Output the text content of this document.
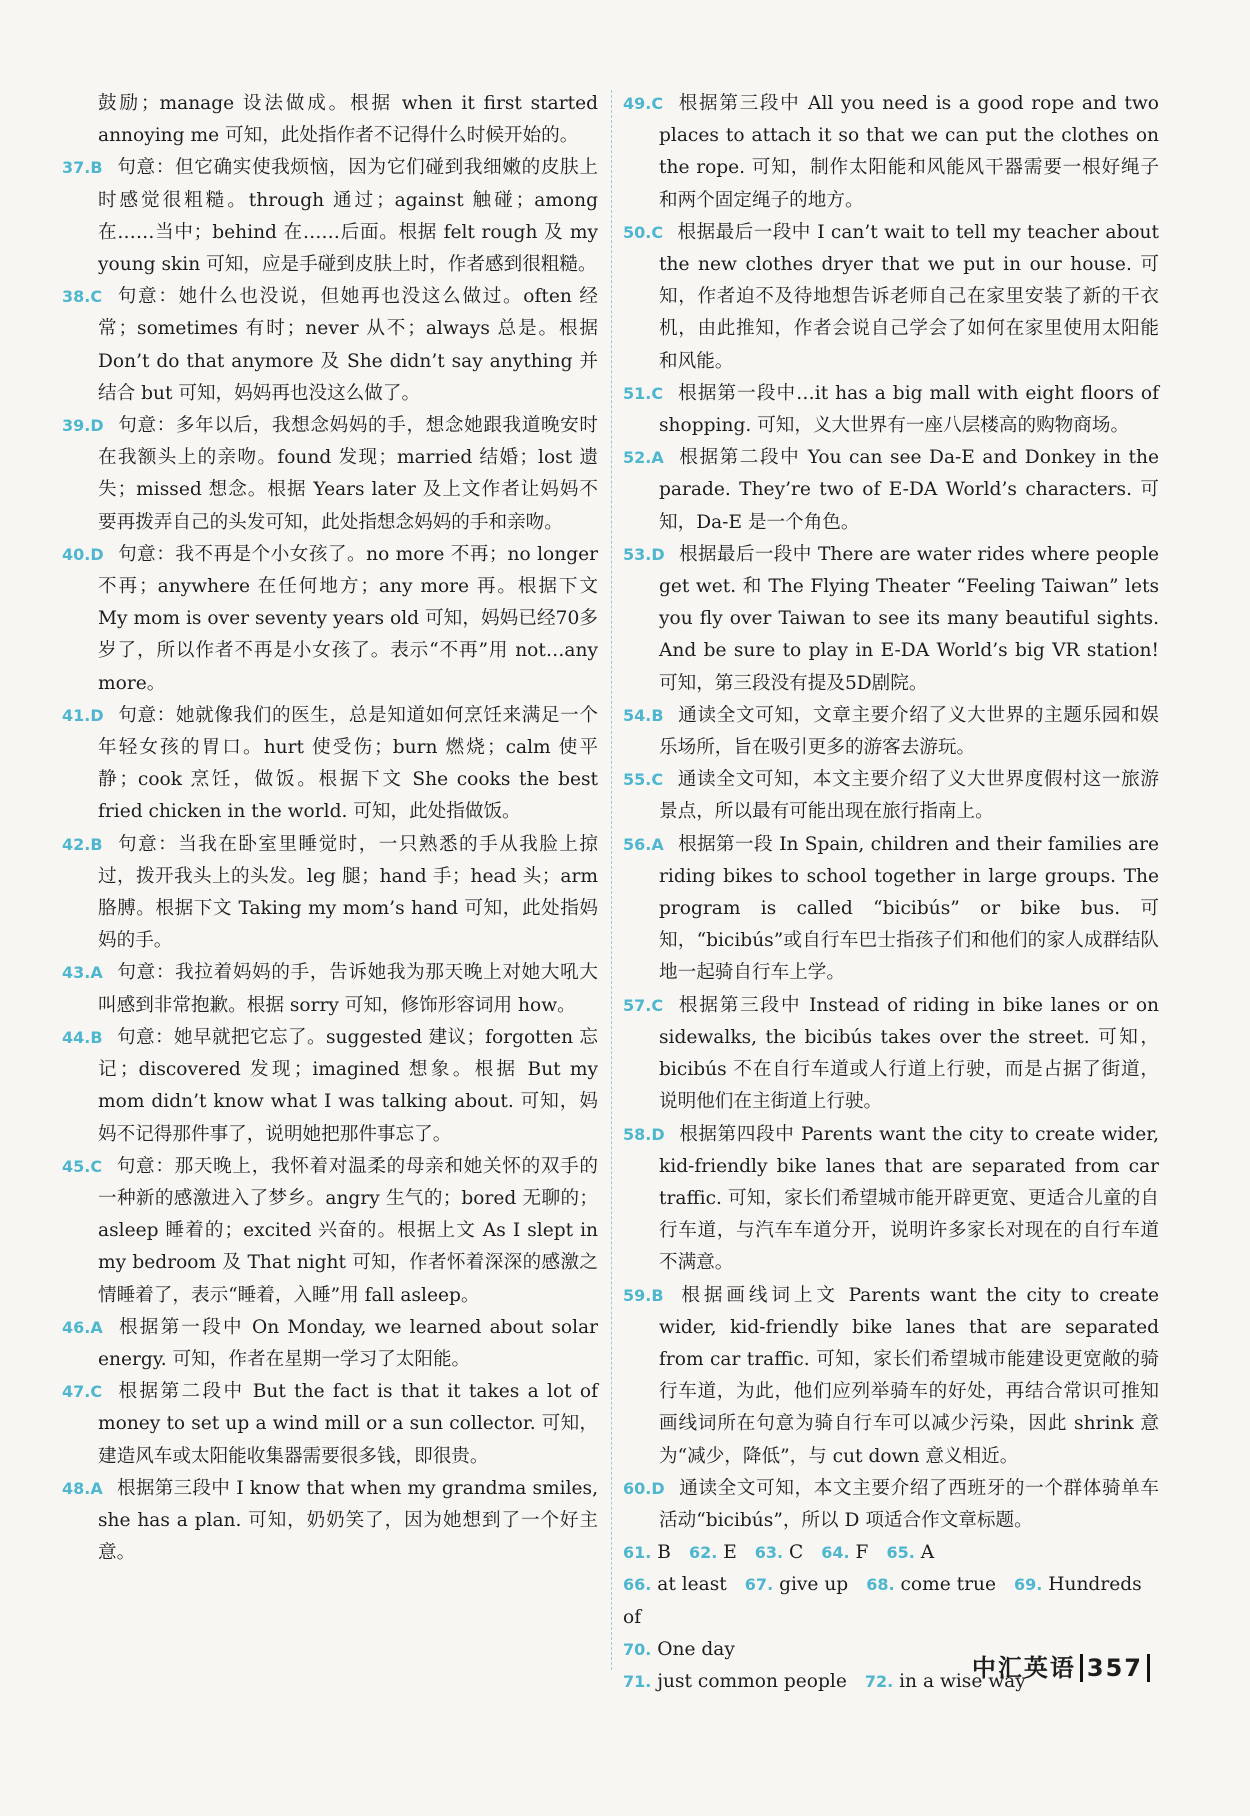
鼓励；manage 设法做成。根据 when it first started annoying me 可知，此处指作者不记得什么时候开始的。

37.B 句意：但它确实使我烦恼，因为它们碰到我细嫩的皮肤上时感觉很粗糙。through 通过；against 触碰；among 在……当中；behind 在……后面。根据 felt rough 及 my young skin 可知，应是手碰到皮肤上时，作者感到很粗糙。

38.C 句意：她什么也没说，但她再也没这么做过。often 经常；sometimes 有时；never 从不；always 总是。根据 Don’t do that anymore 及 She didn’t say anything 并结合 but 可知，妈妈再也没这么做了。

39.D 句意：多年以后，我想念妈妈的手，想念她跟我道晚安时在我额头上的亲吻。found 发现；married 结婚；lost 遗失；missed 想念。根据 Years later 及上文作者让妈妈不要再拨弄自己的头发可知，此处指想念妈妈的手和亲吻。

40.D 句意：我不再是个小女孩了。no more 不再；no longer 不再；anywhere 在任何地方；any more 再。根据下文 My mom is over seventy years old 可知，妈妈已经70多岁了，所以作者不再是小女孩了。表示“不再”用 not…any more。

41.D 句意：她就像我们的医生，总是知道如何烹饪来满足一个年轻女孩的胃口。hurt 使受伤；burn 燃烧；calm 使平静；cook 烹饪，做饭。根据下文 She cooks the best fried chicken in the world. 可知，此处指做饭。

42.B 句意：当我在卧室里睡觉时，一只熟悉的手从我脸上掠过，拨开我头上的头发。leg 腿；hand 手；head 头；arm 胳膊。根据下文 Taking my mom’s hand 可知，此处指妈妈的手。

43.A 句意：我拉着妈妈的手，告诉她我为那天晚上对她大吼大叫感到非常抱歉。根据 sorry 可知，修饰形容词用 how。

44.B 句意：她早就把它忘了。suggested 建议；forgotten 忘记；discovered 发现；imagined 想象。根据 But my mom didn’t know what I was talking about. 可知，妈妈不记得那件事了，说明她把那件事忘了。

45.C 句意：那天晚上，我怀着对温柔的母亲和她关怀的双手的一种新的感激进入了梦乡。angry 生气的；bored 无聊的；asleep 睡着的；excited 兴奋的。根据上文 As I slept in my bedroom 及 That night 可知，作者怀着深深的感激之情睡着了，表示“睡着，入睡”用 fall asleep。

46.A 根据第一段中 On Monday, we learned about solar energy. 可知，作者在星期一学习了太阳能。

47.C 根据第二段中 But the fact is that it takes a lot of money to set up a wind mill or a sun collector. 可知，建造风车或太阳能收集器需要很多钱，即很贵。

48.A 根据第三段中 I know that when my grandma smiles, she has a plan. 可知，奶奶笑了，因为她想到了一个好主意。

49.C 根据第三段中 All you need is a good rope and two places to attach it so that we can put the clothes on the rope. 可知，制作太阳能和风能风干器需要一根好绳子和两个固定绳子的地方。

50.C 根据最后一段中 I can’t wait to tell my teacher about the new clothes dryer that we put in our house. 可知，作者迫不及待地想告诉老师自己在家里安装了新的干衣机，由此推知，作者会说自己学会了如何在家里使用太阳能和风能。

51.C 根据第一段中…it has a big mall with eight floors of shopping. 可知，义大世界有一座八层楼高的购物商场。

52.A 根据第二段中 You can see Da-E and Donkey in the parade. They’re two of E-DA World’s characters. 可知，Da-E 是一个角色。

53.D 根据最后一段中 There are water rides where people get wet. 和 The Flying Theater “Feeling Taiwan” lets you fly over Taiwan to see its many beautiful sights. And be sure to play in E-DA World’s big VR station! 可知，第三段没有提及5D剧院。

54.B 通读全文可知，文章主要介绍了义大世界的主题乐园和娱乐场所，旨在吸引更多的游客去游玩。

55.C 通读全文可知，本文主要介绍了义大世界度假村这一旅游景点，所以最有可能出现在旅行指南上。

56.A 根据第一段 In Spain, children and their families are riding bikes to school together in large groups. The program is called “bicibús” or bike bus. 可知，“bicibús”或自行车巴士指孩子们和他们的家人成群结队地一起骑自行车上学。

57.C 根据第三段中 Instead of riding in bike lanes or on sidewalks, the bicibús takes over the street. 可知，bicibús 不在自行车道或人行道上行驶，而是占据了街道，说明他们在主街道上行驶。

58.D 根据第四段中 Parents want the city to create wider, kid-friendly bike lanes that are separated from car traffic. 可知，家长们希望城市能开辟更宽、更适合儿童的自行车道，与汽车车道分开，说明许多家长对现在的自行车道不满意。

59.B 根据画线词上文 Parents want the city to create wider, kid-friendly bike lanes that are separated from car traffic. 可知，家长们希望城市能建设更宽敞的骑行车道，为此，他们应列举骑车的好处，再结合常识可推知画线词所在句意为骑自行车可以减少污染，因此 shrink 意为“减少，降低”，与 cut down 意义相近。

60.D 通读全文可知，本文主要介绍了西班牙的一个群体骑单车活动“bicibús”，所以 D 项适合作文章标题。

61. B 62. E 63. C 64. F 65. A
66. at least 67. give up 68. come true 69. Hundreds of
70. One day
71. just common people 72. in a wise way
中汇英语 357
